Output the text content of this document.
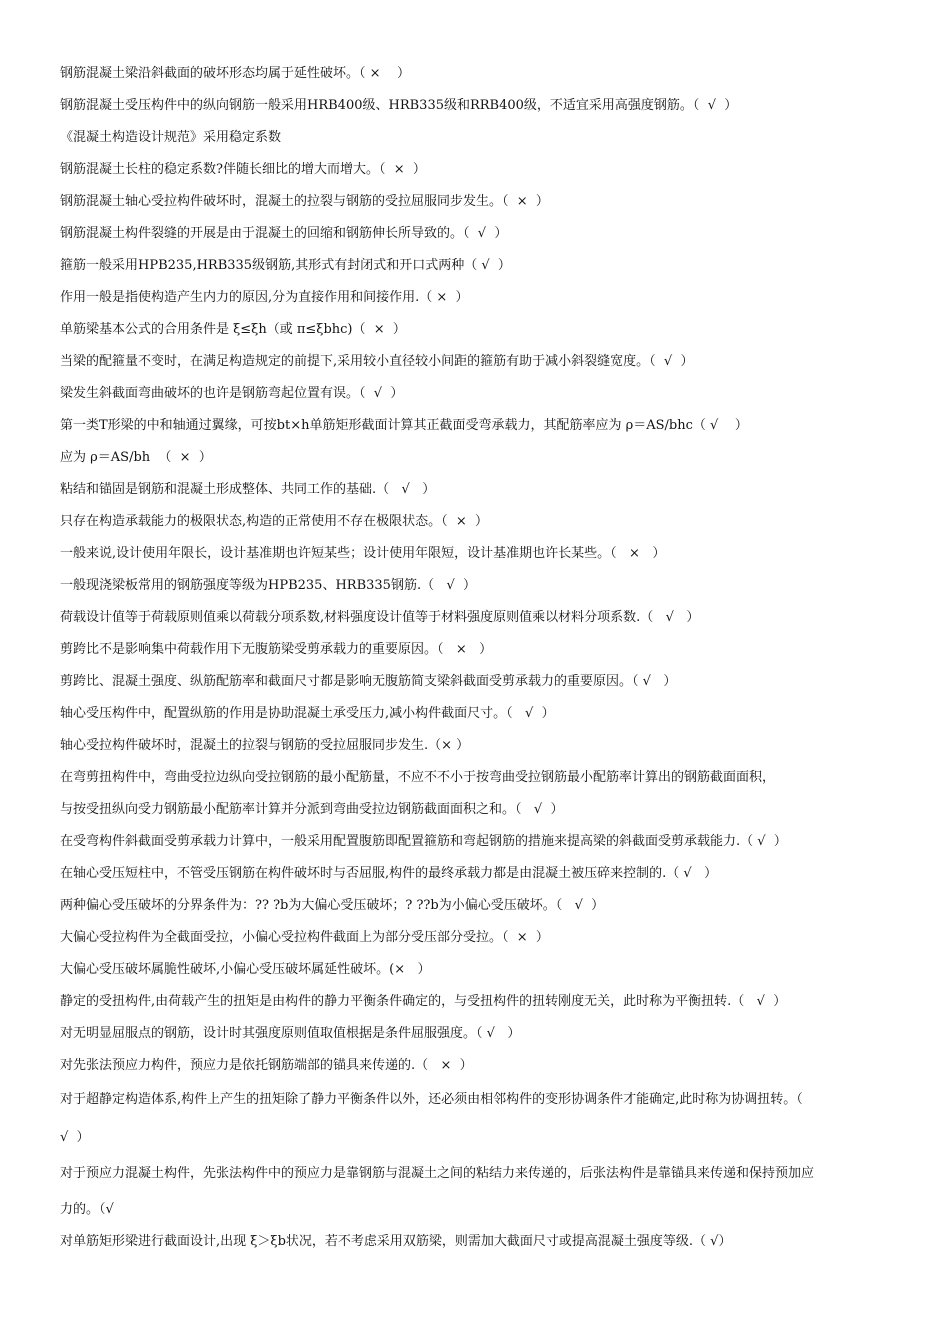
钢筋混凝土梁沿斜截面的破坏形态均属于延性破坏。（ ×    ）
钢筋混凝土受压构件中的纵向钢筋一般采用HRB400级、HRB335级和RRB400级，不适宜采用高强度钢筋。（  √  ）
《混凝土构造设计规范》采用稳定系数
钢筋混凝土长柱的稳定系数?伴随长细比的增大而增大。（  ×  ）
钢筋混凝土轴心受拉构件破坏时，混凝土的拉裂与钢筋的受拉屈服同步发生。（  ×  ）
钢筋混凝土构件裂缝的开展是由于混凝土的回缩和钢筋伸长所导致的。（  √  ）
箍筋一般采用HPB235,HRB335级钢筋,其形式有封闭式和开口式两种（ √  ）
作用一般是指使构造产生内力的原因,分为直接作用和间接作用.（ ×  ）
单筋梁基本公式的合用条件是 ξ≤ξh（或 π≤ξbhc)（  ×  ）
当梁的配箍量不变时，在满足构造规定的前提下,采用较小直径较小间距的箍筋有助于减小斜裂缝宽度。（  √  ）
梁发生斜截面弯曲破坏的也许是钢筋弯起位置有误。（  √  ）
第一类T形梁的中和轴通过翼缘，可按bt×h单筋矩形截面计算其正截面受弯承载力，其配筋率应为 ρ＝AS/bhc（ √    ）
应为 ρ＝AS/bh  （  ×  ）
粘结和锚固是钢筋和混凝土形成整体、共同工作的基础.（   √   ）
只存在构造承载能力的极限状态,构造的正常使用不存在极限状态。（  ×  ）
一般来说,设计使用年限长，设计基准期也许短某些；设计使用年限短，设计基准期也许长某些。（   ×   ）
一般现浇梁板常用的钢筋强度等级为HPB235、HRB335钢筋.（   √  ）
荷载设计值等于荷载原则值乘以荷载分项系数,材料强度设计值等于材料强度原则值乘以材料分项系数.（   √   ）
剪跨比不是影响集中荷载作用下无腹筋梁受剪承载力的重要原因。（   ×   ）
剪跨比、混凝土强度、纵筋配筋率和截面尺寸都是影响无腹筋简支梁斜截面受剪承载力的重要原因。（ √   ）
轴心受压构件中，配置纵筋的作用是协助混凝土承受压力,减小构件截面尺寸。（   √  ）
轴心受拉构件破坏时，混凝土的拉裂与钢筋的受拉屈服同步发生.（× ）
在弯剪扭构件中，弯曲受拉边纵向受拉钢筋的最小配筋量，不应不不小于按弯曲受拉钢筋最小配筋率计算出的钢筋截面面积，
与按受扭纵向受力钢筋最小配筋率计算并分派到弯曲受拉边钢筋截面面积之和。（   √  ）
在受弯构件斜截面受剪承载力计算中，一般采用配置腹筋即配置箍筋和弯起钢筋的措施来提高梁的斜截面受剪承载能力.（ √  ）
在轴心受压短柱中，不管受压钢筋在构件破坏时与否屈服,构件的最终承载力都是由混凝土被压碎来控制的.（ √   ）
两种偏心受压破坏的分界条件为：?? ?b为大偏心受压破坏；? ??b为小偏心受压破坏。（   √  ）
大偏心受拉构件为全截面受拉，小偏心受拉构件截面上为部分受压部分受拉。（  ×  ）
大偏心受压破坏属脆性破坏,小偏心受压破坏属延性破坏。(×   ）
静定的受扭构件,由荷载产生的扭矩是由构件的静力平衡条件确定的，与受扭构件的扭转刚度无关，此时称为平衡扭转.（   √  ）
对无明显屈服点的钢筋，设计时其强度原则值取值根据是条件屈服强度。（ √   ）
对先张法预应力构件，预应力是依托钢筋端部的锚具来传递的.（   ×  ）
对于超静定构造体系,构件上产生的扭矩除了静力平衡条件以外，还必须由相邻构件的变形协调条件才能确定,此时称为协调扭转。（
√  ）
对于预应力混凝土构件，先张法构件中的预应力是靠钢筋与混凝土之间的粘结力来传递的，后张法构件是靠锚具来传递和保持预加应
力的。（√
对单筋矩形梁进行截面设计,出现 ξ＞ξb状况，若不考虑采用双筋梁，则需加大截面尺寸或提高混凝土强度等级.（ √）
